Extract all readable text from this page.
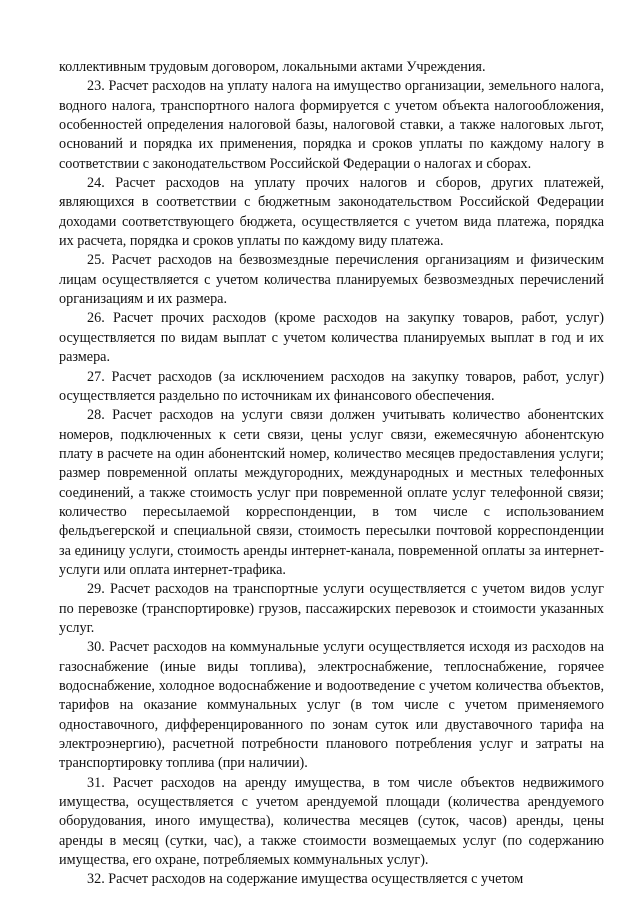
коллективным трудовым договором, локальными актами Учреждения.

23. Расчет расходов на уплату налога на имущество организации, земельного налога, водного налога, транспортного налога формируется с учетом объекта налогообложения, особенностей определения налоговой базы, налоговой ставки, а также налоговых льгот, оснований и порядка их применения, порядка и сроков уплаты по каждому налогу в соответствии с законодательством Российской Федерации о налогах и сборах.

24. Расчет расходов на уплату прочих налогов и сборов, других платежей, являющихся в соответствии с бюджетным законодательством Российской Федерации доходами соответствующего бюджета, осуществляется с учетом вида платежа, порядка их расчета, порядка и сроков уплаты по каждому виду платежа.

25. Расчет расходов на безвозмездные перечисления организациям и физическим лицам осуществляется с учетом количества планируемых безвозмездных перечислений организациям и их размера.

26. Расчет прочих расходов (кроме расходов на закупку товаров, работ, услуг) осуществляется по видам выплат с учетом количества планируемых выплат в год и их размера.

27. Расчет расходов (за исключением расходов на закупку товаров, работ, услуг) осуществляется раздельно по источникам их финансового обеспечения.

28. Расчет расходов на услуги связи должен учитывать количество абонентских номеров, подключенных к сети связи, цены услуг связи, ежемесячную абонентскую плату в расчете на один абонентский номер, количество месяцев предоставления услуги; размер повременной оплаты междугородних, международных и местных телефонных соединений, а также стоимость услуг при повременной оплате услуг телефонной связи; количество пересылаемой корреспонденции, в том числе с использованием фельдъегерской и специальной связи, стоимость пересылки почтовой корреспонденции за единицу услуги, стоимость аренды интернет-канала, повременной оплаты за интернет-услуги или оплата интернет-трафика.

29. Расчет расходов на транспортные услуги осуществляется с учетом видов услуг по перевозке (транспортировке) грузов, пассажирских перевозок и стоимости указанных услуг.

30. Расчет расходов на коммунальные услуги осуществляется исходя из расходов на газоснабжение (иные виды топлива), электроснабжение, теплоснабжение, горячее водоснабжение, холодное водоснабжение и водоотведение с учетом количества объектов, тарифов на оказание коммунальных услуг (в том числе с учетом применяемого одноставочного, дифференцированного по зонам суток или двуставочного тарифа на электроэнергию), расчетной потребности планового потребления услуг и затраты на транспортировку топлива (при наличии).

31. Расчет расходов на аренду имущества, в том числе объектов недвижимого имущества, осуществляется с учетом арендуемой площади (количества арендуемого оборудования, иного имущества), количества месяцев (суток, часов) аренды, цены аренды в месяц (сутки, час), а также стоимости возмещаемых услуг (по содержанию имущества, его охране, потребляемых коммунальных услуг).

32. Расчет расходов на содержание имущества осуществляется с учетом
